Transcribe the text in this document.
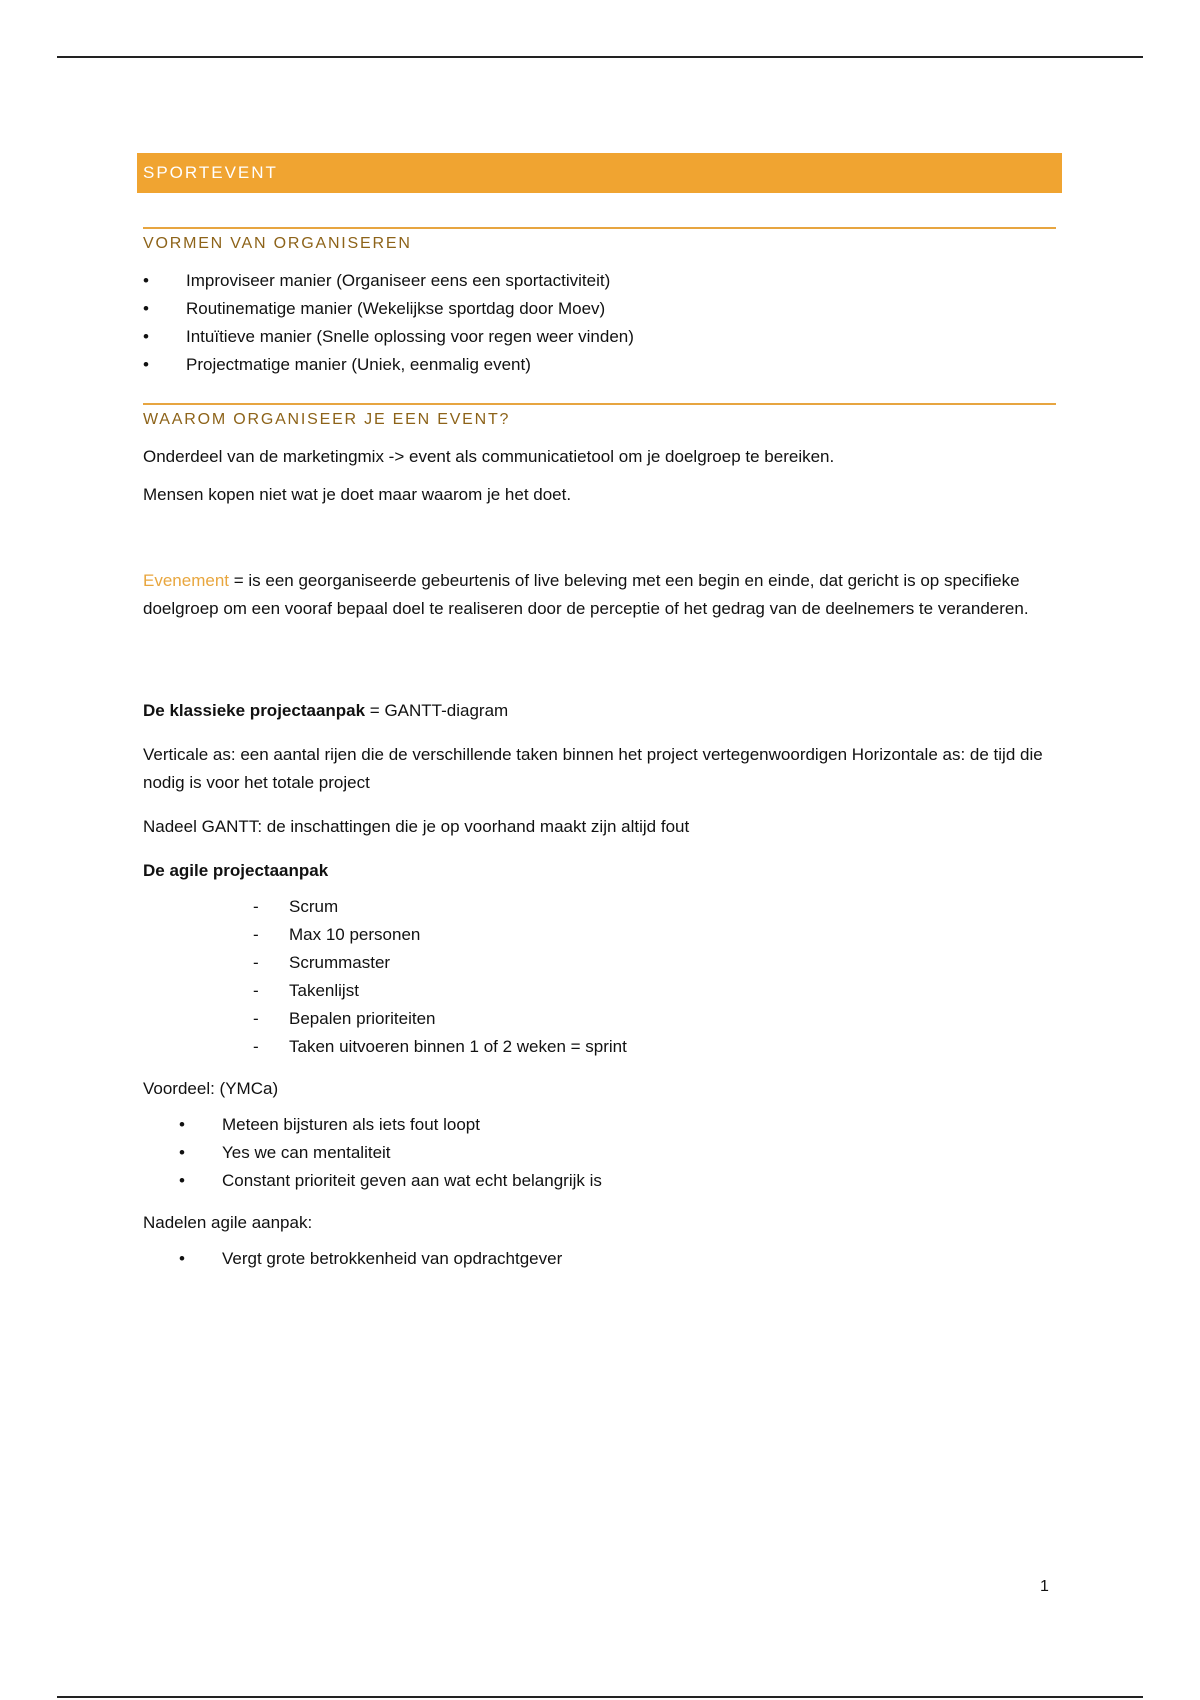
SPORTEVENT
VORMEN VAN ORGANISEREN
• Improviseer manier (Organiseer eens een sportactiviteit)
• Routinematige manier (Wekelijkse sportdag door Moev)
• Intuïtieve manier (Snelle oplossing voor regen weer vinden)
• Projectmatige manier (Uniek, eenmalig event)
WAAROM ORGANISEER JE EEN EVENT?

Onderdeel van de marketingmix -> event als communicatietool om je doelgroep te bereiken.

Mensen kopen niet wat je doet maar waarom je het doet.

Evenement = is een georganiseerde gebeurtenis of live beleving met een begin en einde, dat gericht is op specifieke doelgroep om een vooraf bepaal doel te realiseren door de perceptie of het gedrag van de deelnemers te veranderen.

De klassieke projectaanpak = GANTT-diagram

Verticale as: een aantal rijen die de verschillende taken binnen het project vertegenwoordigen Horizontale as: de tijd die nodig is voor het totale project

Nadeel GANTT: de inschattingen die je op voorhand maakt zijn altijd fout

De agile projectaanpak

- Scrum
- Max 10 personen
- Scrummaster
- Takenlijst
- Bepalen prioriteiten
- Taken uitvoeren binnen 1 of 2 weken = sprint

Voordeel: (YMCa)

• Meteen bijsturen als iets fout loopt
• Yes we can mentaliteit
• Constant prioriteit geven aan wat echt belangrijk is

Nadelen agile aanpak:

• Vergt grote betrokkenheid van opdrachtgever
1
